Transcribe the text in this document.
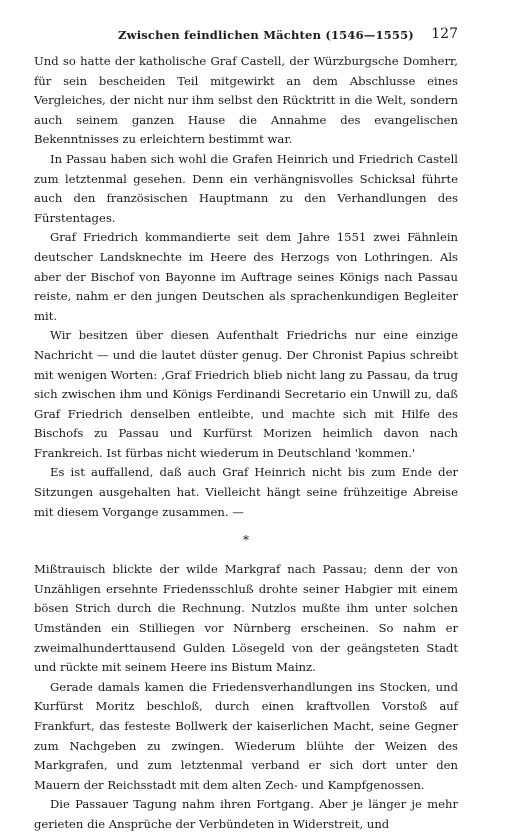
Zwischen feindlichen Mächten (1546—1555) 127

Und so hatte der katholische Graf Castell, der Würzburgsche Domherr, für sein bescheiden Teil mitgewirkt an dem Abschlusse eines Vergleiches, der nicht nur ihm selbst den Rücktritt in die Welt, sondern auch seinem ganzen Hause die Annahme des evangelischen Bekenntnisses zu erleichtern bestimmt war.

In Passau haben sich wohl die Grafen Heinrich und Friedrich Castell zum letztenmal gesehen. Denn ein verhängnisvolles Schicksal führte auch den französischen Hauptmann zu den Verhandlungen des Fürstentages.

Graf Friedrich kommandierte seit dem Jahre 1551 zwei Fähnlein deutscher Landsknechte im Heere des Herzogs von Lothringen. Als aber der Bischof von Bayonne im Auftrage seines Königs nach Passau reiste, nahm er den jungen Deutschen als sprachenkundigen Begleiter mit.

Wir besitzen über diesen Aufenthalt Friedrichs nur eine einzige Nachricht — und die lautet düster genug. Der Chronist Papius schreibt mit wenigen Worten: ‚Graf Friedrich blieb nicht lang zu Passau, da trug sich zwischen ihm und Königs Ferdinandi Secretario ein Unwill zu, daß Graf Friedrich denselben entleibte, und machte sich mit Hilfe des Bischofs zu Passau und Kurfürst Morizen heimlich davon nach Frankreich. Ist fürbas nicht wiederum in Deutschland 'kommen.'

Es ist auffallend, daß auch Graf Heinrich nicht bis zum Ende der Sitzungen ausgehalten hat. Vielleicht hängt seine frühzeitige Abreise mit diesem Vorgange zusammen. —

*

Mißtrauisch blickte der wilde Markgraf nach Passau; denn der von Unzähligen ersehnte Friedensschluß drohte seiner Habgier mit einem bösen Strich durch die Rechnung. Nutzlos mußte ihm unter solchen Umständen ein Stilliegen vor Nürnberg erscheinen. So nahm er zweimalhunderttausend Gulden Lösegeld von der geängsteten Stadt und rückte mit seinem Heere ins Bistum Mainz.

Gerade damals kamen die Friedensverhandlungen ins Stocken, und Kurfürst Moritz beschloß, durch einen kraftvollen Vorstoß auf Frankfurt, das festeste Bollwerk der kaiserlichen Macht, seine Gegner zum Nachgeben zu zwingen. Wiederum blühte der Weizen des Markgrafen, und zum letztenmal verband er sich dort unter den Mauern der Reichsstadt mit dem alten Zech- und Kampfgenossen.

Die Passauer Tagung nahm ihren Fortgang. Aber je länger je mehr gerieten die Ansprüche der Verbündeten in Widerstreit, und
